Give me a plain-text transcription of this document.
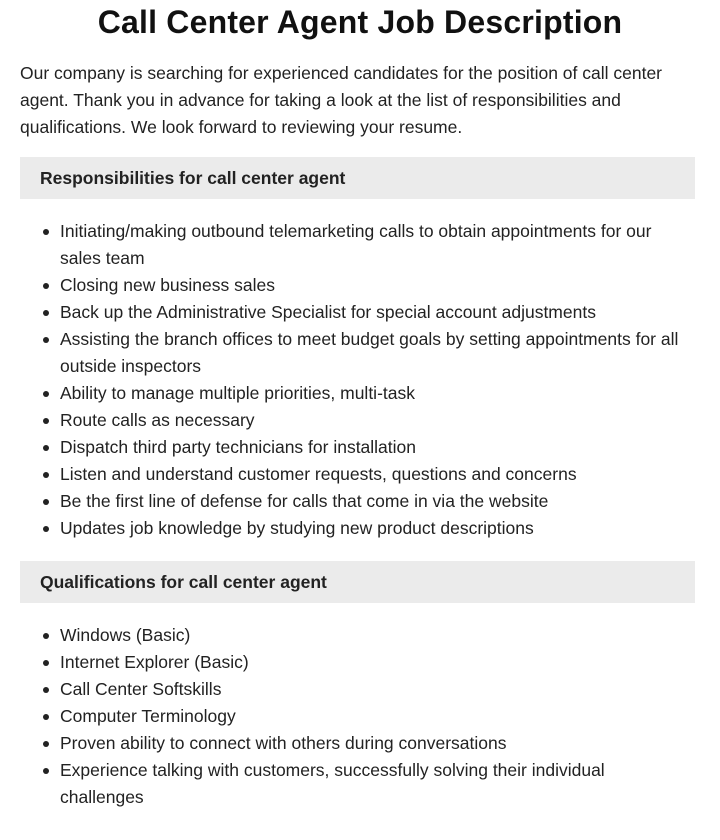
Call Center Agent Job Description

Our company is searching for experienced candidates for the position of call center agent. Thank you in advance for taking a look at the list of responsibilities and qualifications. We look forward to reviewing your resume.

Responsibilities for call center agent
Initiating/making outbound telemarketing calls to obtain appointments for our sales team
Closing new business sales
Back up the Administrative Specialist for special account adjustments
Assisting the branch offices to meet budget goals by setting appointments for all outside inspectors
Ability to manage multiple priorities, multi-task
Route calls as necessary
Dispatch third party technicians for installation
Listen and understand customer requests, questions and concerns
Be the first line of defense for calls that come in via the website
Updates job knowledge by studying new product descriptions
Qualifications for call center agent
Windows (Basic)
Internet Explorer (Basic)
Call Center Softskills
Computer Terminology
Proven ability to connect with others during conversations
Experience talking with customers, successfully solving their individual challenges
